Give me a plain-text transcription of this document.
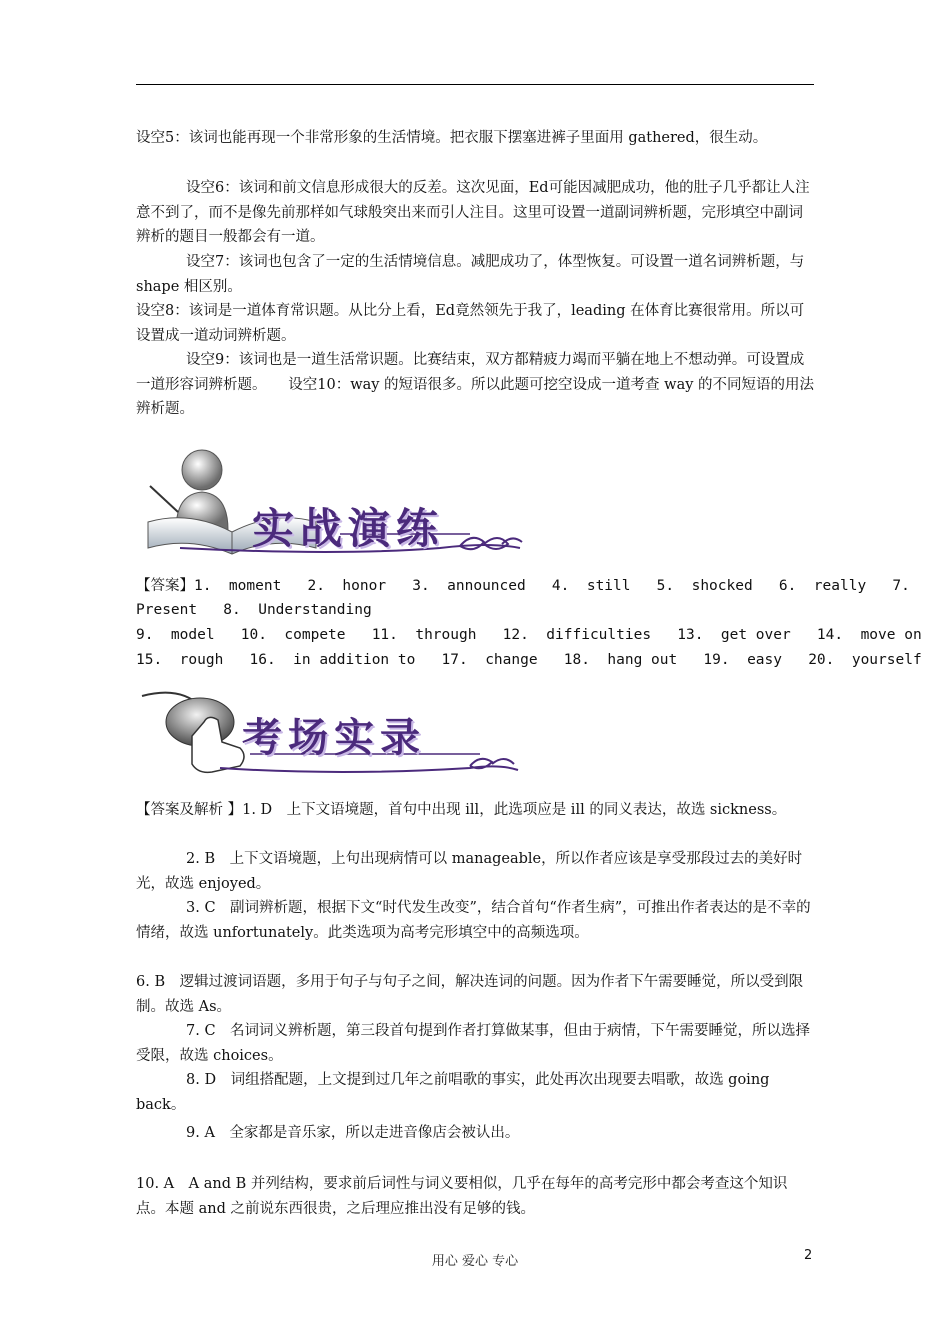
设空5：该词也能再现一个非常形象的生活情境。把衣服下摆塞进裤子里面用 gathered，很生动。

设空6：该词和前文信息形成很大的反差。这次见面，Ed可能因减肥成功，他的肚子几乎都让人注意不到了，而不是像先前那样如气球般突出来而引人注目。这里可设置一道副词辨析题，完形填空中副词辨析的题目一般都会有一道。

设空7：该词也包含了一定的生活情境信息。减肥成功了，体型恢复。可设置一道名词辨析题，与 shape 相区别。

设空8：该词是一道体育常识题。从比分上看，Ed竟然领先于我了，leading 在体育比赛很常用。所以可设置成一道动词辨析题。

设空9：该词也是一道生活常识题。比赛结束，双方都精疲力竭而平躺在地上不想动弹。可设置成一道形容词辨析题。　　设空10：way 的短语很多。所以此题可挖空设成一道考查 way 的不同短语的用法辨析题。

实战演练

【答案】1.  moment   2.  honor   3.  announced   4.  still   5.  shocked   6.  really   7.

Present   8.  Understanding

9.  model   10.  compete   11.  through   12.  difficulties   13.  get over   14.  move on

15.  rough   16.  in addition to   17.  change   18.  hang out   19.  easy   20.  yourself

考场实录

【答案及解析 】1. D　上下文语境题，首句中出现 ill，此选项应是 ill 的同义表达，故选 sickness。

2. B　上下文语境题，上句出现病情可以 manageable，所以作者应该是享受那段过去的美好时光，故选 enjoyed。

3. C　副词辨析题，根据下文“时代发生改变”，结合首句“作者生病”，可推出作者表达的是不幸的情绪，故选 unfortunately。此类选项为高考完形填空中的高频选项。

6. B　逻辑过渡词语题，多用于句子与句子之间，解决连词的问题。因为作者下午需要睡觉，所以受到限制。故选 As。

7. C　名词词义辨析题，第三段首句提到作者打算做某事，但由于病情，下午需要睡觉，所以选择受限，故选 choices。

8. D　词组搭配题，上文提到过几年之前唱歌的事实，此处再次出现要去唱歌，故选 going back。

9. A　全家都是音乐家，所以走进音像店会被认出。

10. A　A and B 并列结构，要求前后词性与词义要相似，几乎在每年的高考完形中都会考查这个知识点。本题 and 之前说东西很贵，之后理应推出没有足够的钱。

用心 爱心 专心	2
